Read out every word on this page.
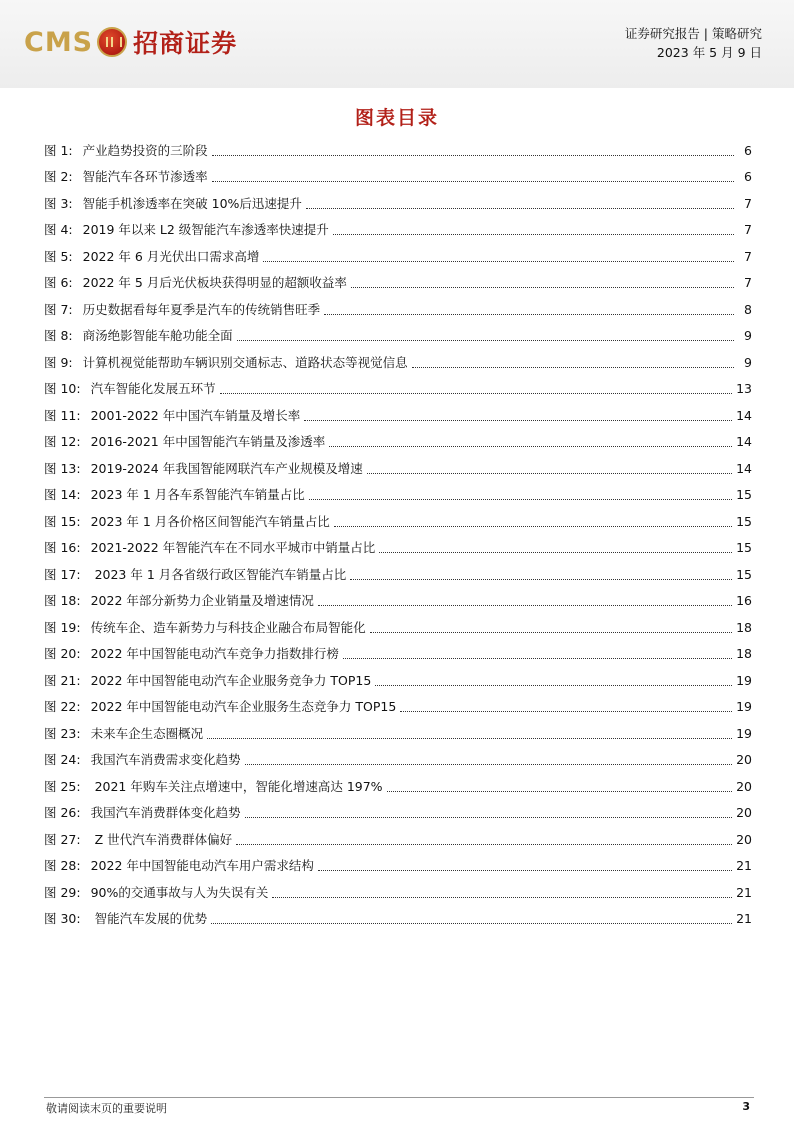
CMS 招商证券	证券研究报告 | 策略研究
2023 年 5 月 9 日
图表目录
图 1: 产业趋势投资的三阶段	6
图 2: 智能汽车各环节渗透率	6
图 3: 智能手机渗透率在突破 10%后迅速提升	7
图 4: 2019 年以来 L2 级智能汽车渗透率快速提升	7
图 5: 2022 年 6 月光伏出口需求高增	7
图 6: 2022 年 5 月后光伏板块获得明显的超额收益率	7
图 7: 历史数据看每年夏季是汽车的传统销售旺季	8
图 8: 商汤绝影智能车舱功能全面	9
图 9: 计算机视觉能帮助车辆识别交通标志、道路状态等视觉信息	9
图 10: 汽车智能化发展五环节	13
图 11: 2001-2022 年中国汽车销量及增长率	14
图 12: 2016-2021 年中国智能汽车销量及渗透率	14
图 13: 2019-2024 年我国智能网联汽车产业规模及增速	14
图 14: 2023 年 1 月各车系智能汽车销量占比	15
图 15: 2023 年 1 月各价格区间智能汽车销量占比	15
图 16: 2021-2022 年智能汽车在不同水平城市中销量占比	15
图 17: 2023 年 1 月各省级行政区智能汽车销量占比	15
图 18: 2022 年部分新势力企业销量及增速情况	16
图 19: 传统车企、造车新势力与科技企业融合布局智能化	18
图 20: 2022 年中国智能电动汽车竞争力指数排行榜	18
图 21: 2022 年中国智能电动汽车企业服务竞争力 TOP15	19
图 22: 2022 年中国智能电动汽车企业服务生态竞争力 TOP15	19
图 23: 未来车企生态圈概况	19
图 24: 我国汽车消费需求变化趋势	20
图 25: 2021 年购车关注点增速中，智能化增速高达 197%	20
图 26: 我国汽车消费群体变化趋势	20
图 27: Z 世代汽车消费群体偏好	20
图 28: 2022 年中国智能电动汽车用户需求结构	21
图 29: 90%的交通事故与人为失误有关	21
图 30: 智能汽车发展的优势	21
敬请阅读末页的重要说明	3
